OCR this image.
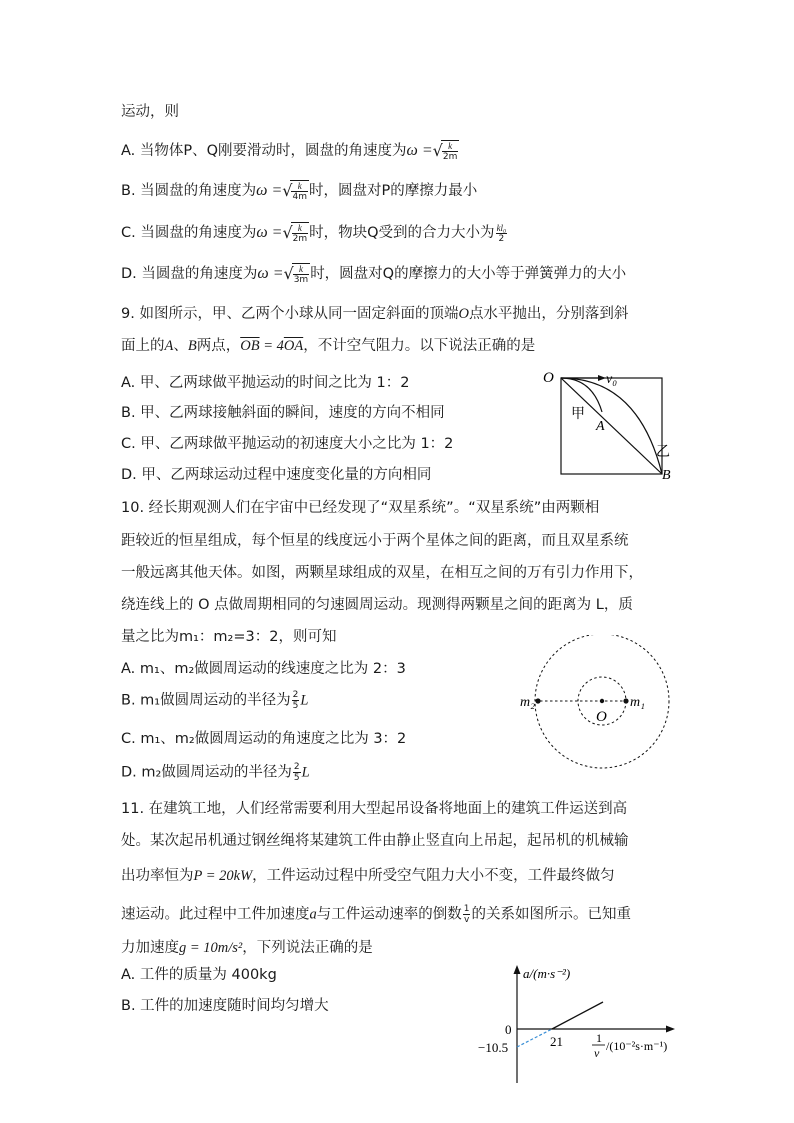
运动，则
A. 当物体P、Q刚要滑动时，圆盘的角速度为ω =√ $\frac{k}{2m}$
B. 当圆盘的角速度为ω =√ $\frac{k}{4m}$ 时，圆盘对P的摩擦力最小
C. 当圆盘的角速度为ω =√ $\frac{k}{2m}$ 时，物块Q受到的合力大小为 $\frac{\text{kl₀}}{2}$
D. 当圆盘的角速度为ω =√ $\frac{k}{3m}$ 时，圆盘对Q的摩擦力的大小等于弹簧弹力的大小
9. 如图所示，甲、乙两个小球从同一固定斜面的顶端O点水平抛出，分别落到斜
面上的A、B两点，$\overline{OB} = 4\overline{OA}$，不计空气阻力。以下说法正确的是
A. 甲、乙两球做平抛运动的时间之比为 1：2
B. 甲、乙两球接触斜面的瞬间，速度的方向不相同
C. 甲、乙两球做平抛运动的初速度大小之比为 1：2
D. 甲、乙两球运动过程中速度变化量的方向相同
O	v₀
甲
A
乙
B
10. 经长期观测人们在宇宙中已经发现了“双星系统”。“双星系统”由两颗相
距较近的恒星组成，每个恒星的线度远小于两个星体之间的距离，而且双星系统
一般远离其他天体。如图，两颗星球组成的双星，在相互之间的万有引力作用下，
绕连线上的 O 点做周期相同的匀速圆周运动。现测得两颗星之间的距离为 L，质
量之比为m₁：m₂=3：2，则可知
A. m₁、m₂做圆周运动的线速度之比为 2：3
B. m₁做圆周运动的半径为 $\frac{2}{5}$ L
C. m₁、m₂做圆周运动的角速度之比为 3：2
D. m₂做圆周运动的半径为 $\frac{2}{5}$ L
m₂
O
m₁
11. 在建筑工地，人们经常需要利用大型起吊设备将地面上的建筑工件运送到高
处。某次起吊机通过钢丝绳将某建筑工件由静止竖直向上吊起，起吊机的机械输
出功率恒为P = 20kW，工件运动过程中所受空气阻力大小不变，工件最终做匀
速运动。此过程中工件加速度a与工件运动速率的倒数 $\frac{1}{v}$ 的关系如图所示。已知重
力加速度g = 10m/s²，下列说法正确的是
A. 工件的质量为 400kg
B. 工件的加速度随时间均匀增大
a/(m·s⁻²)
0
21
−10.5
1
v /(10⁻²s·m⁻¹)
